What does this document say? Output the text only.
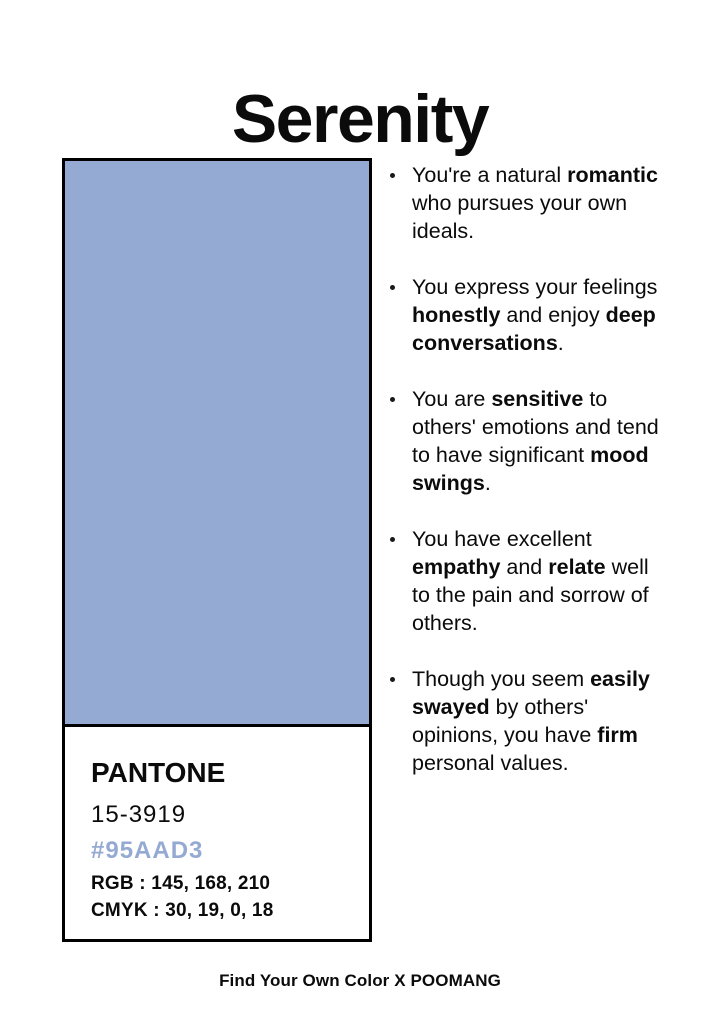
Serenity
PANTONE
15-3919
#95AAD3
RGB : 145, 168, 210
CMYK : 30, 19, 0, 18
You're a natural romantic who pursues your own ideals.
You express your feelings honestly and enjoy deep conversations.
You are sensitive to others' emotions and tend to have significant mood swings.
You have excellent empathy and relate well to the pain and sorrow of others.
Though you seem easily swayed by others' opinions, you have firm personal values.
Find Your Own Color X POOMANG
